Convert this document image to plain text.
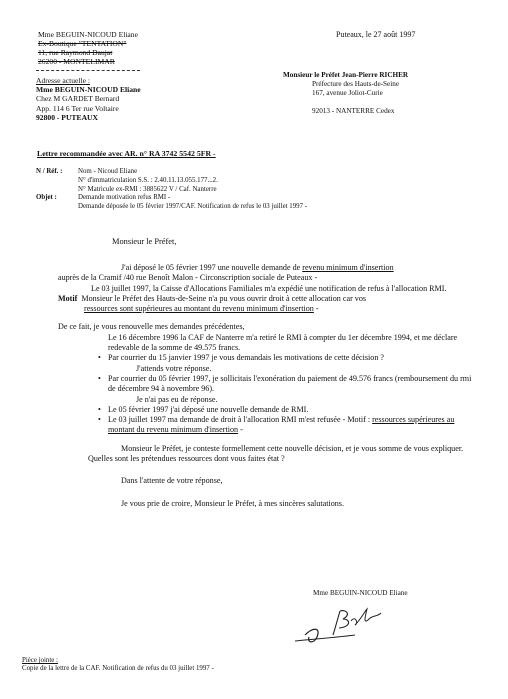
Mme BEGUIN-NICOUD Eliane
Ex-Boutique "TENTATION"
11, rue Raymond Daujat
26200 - MONTELIMAR
Adresse actuelle :
Mme BEGUIN-NICOUD Eliane
Chez M GARDET Bernard
App. 114 6 Ter rue Voltaire
92800 - PUTEAUX
Puteaux, le 27 août 1997
Monsieur le Préfet Jean-Pierre RICHER
Préfecture des Hauts-de-Seine
167, avenue Joliot-Curie
92013 - NANTERRE Cedex
Lettre recommandée avec AR. n° RA 3742 5542 5FR -
N / Réf. :	Nom - Nicoud Eliane
	N° d'immatriculation S.S. : 2.40.11.13.055.177...2.
	N° Matricule ex-RMI : 3885622 V / Caf. Nanterre
Objet :	Demande motivation refus RMI -
	Demande déposée le 05 février 1997/CAF. Notification de refus le 03 juillet 1997 -
Monsieur le Préfet,

J'ai déposé le 05 février 1997 une nouvelle demande de revenu minimum d'insertion

auprès de la Cramif /40 rue Benoît Malon - Circonscription sociale de Puteaux -

Le 03 juillet 1997, la Caisse d'Allocations Familiales m'a expédié une notification de refus à l'allocation RMI.

Motif Monsieur le Préfet des Hauts-de-Seine n'a pu vous ouvrir droit à cette allocation car vos
ressources sont supérieures au montant du revenu minimum d'insertion -

De ce fait, je vous renouvelle mes demandes précédentes,

Le 16 décembre 1996 la CAF de Nanterre m'a retiré le RMI à compter du 1er décembre 1994, et me déclare redevable de la somme de 49.575 francs.

• Par courrier du 15 janvier 1997 je vous demandais les motivations de cette décision ?

J'attends votre réponse.

• Par courrier du 05 février 1997, je sollicitais l'exonération du paiement de 49.576 francs (remboursement du rmi de décembre 94 à novembre 96).

Je n'ai pas eu de réponse.

• Le 05 février 1997 j'ai déposé une nouvelle demande de RMI.

• Le 03 juillet 1997 ma demande de droit à l'allocation RMI m'est refusée - Motif : ressources supérieures au montant du revenu minimum d'insertion -

Monsieur le Préfet, je conteste formellement cette nouvelle décision, et je vous somme de vous expliquer. Quelles sont les prétendues ressources dont vous faites état ?

Dans l'attente de votre réponse,

Je vous prie de croire, Monsieur le Préfet, à mes sincères salutations.

Mme BEGUIN-NICOUD Eliane
Pièce jointe :
Copie de la lettre de la CAF. Notification de refus du 03 juillet 1997 -
